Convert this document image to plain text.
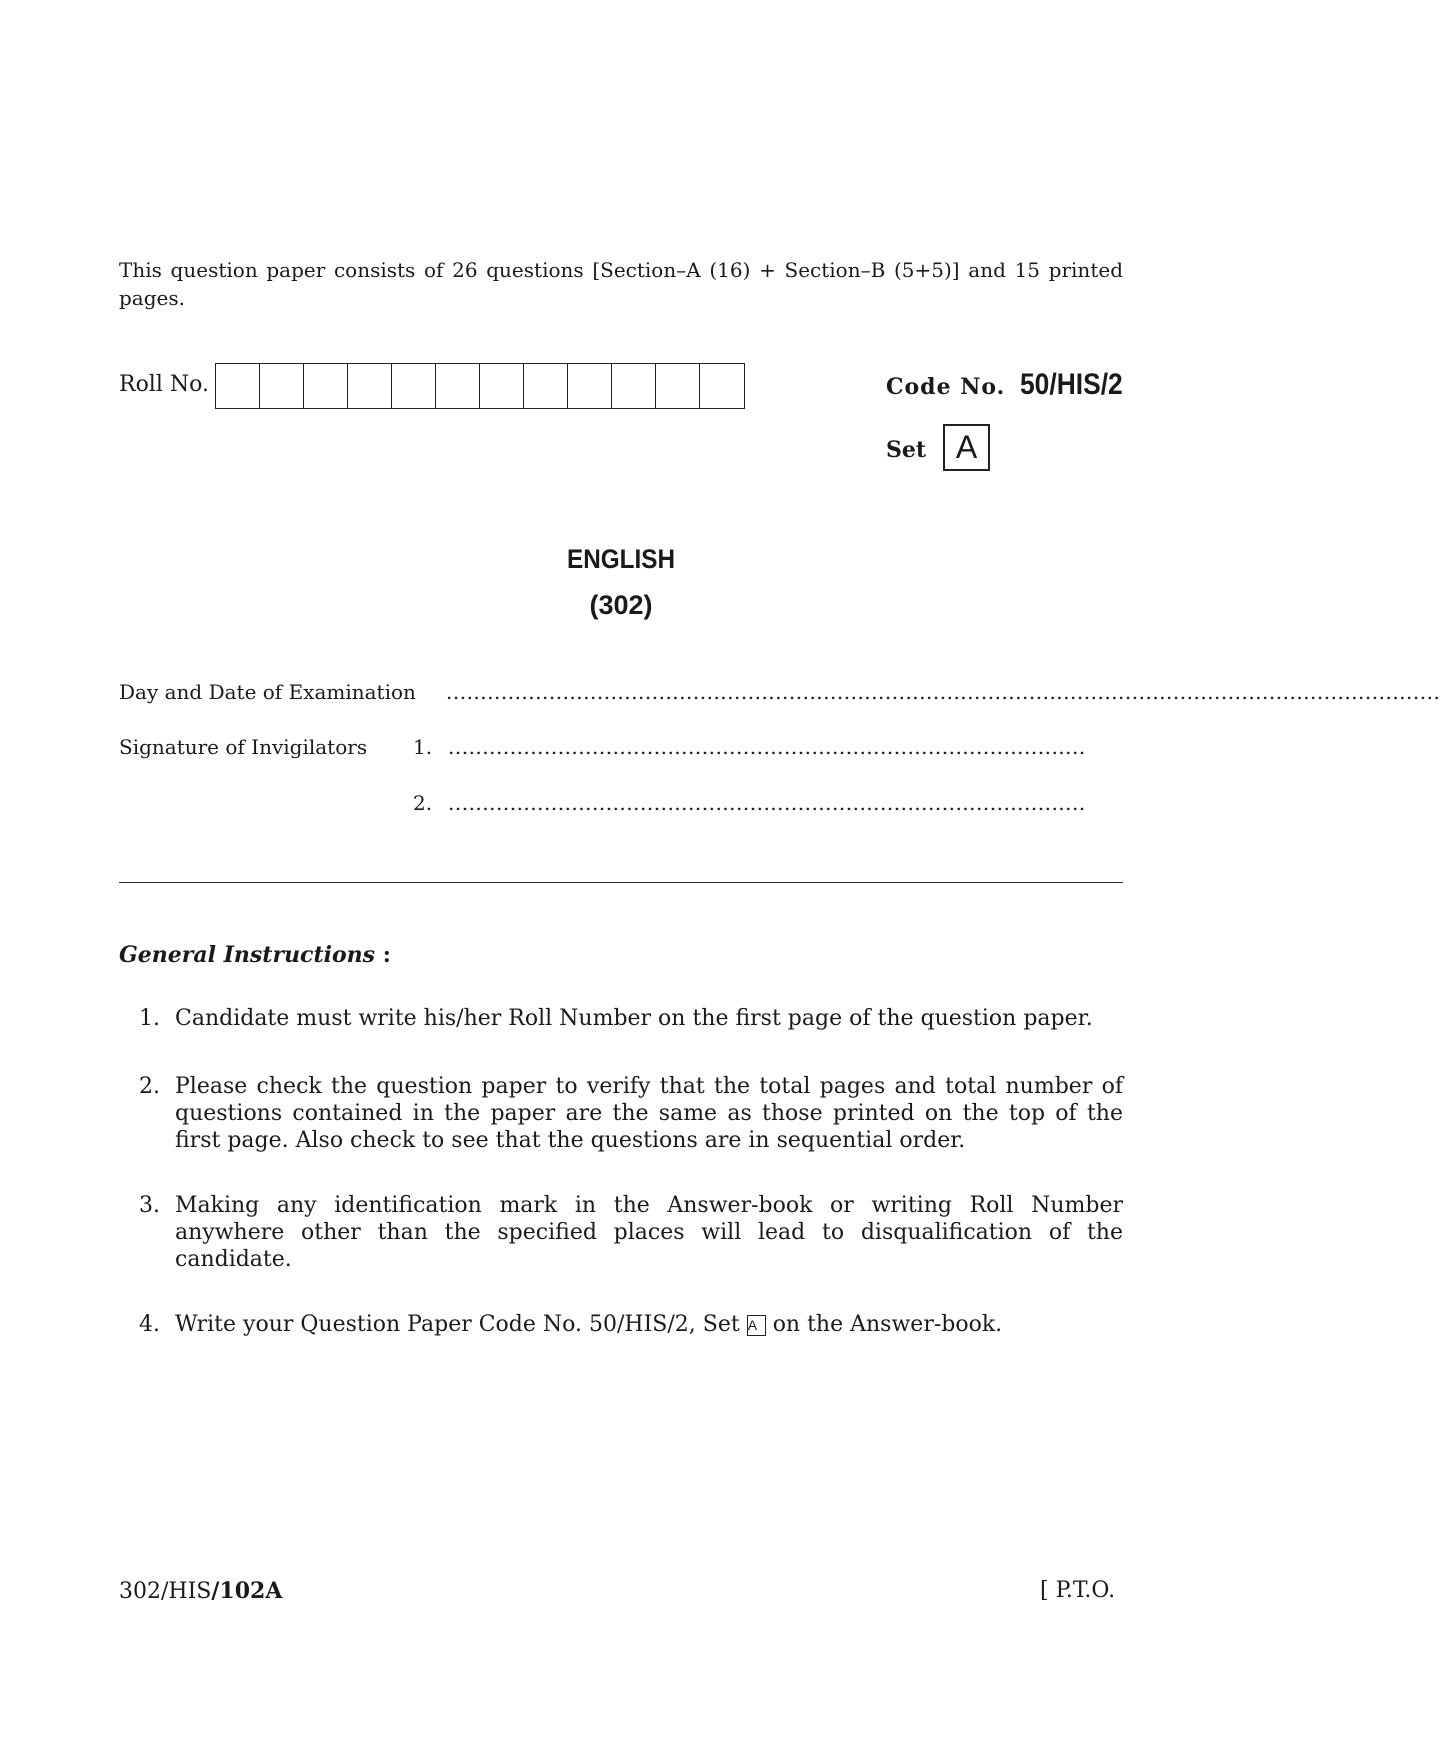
This question paper consists of 26 questions [Section–A (16) + Section–B (5+5)] and 15 printed pages.
Roll No.	Code No. 50/HIS/2
Set A
ENGLISH
(302)
Day and Date of Examination .................................................................................................................................................
Signature of Invigilators 1. .............................................................................................
2. .............................................................................................
General Instructions :
1. Candidate must write his/her Roll Number on the first page of the question paper.
2. Please check the question paper to verify that the total pages and total number of questions contained in the paper are the same as those printed on the top of the first page. Also check to see that the questions are in sequential order.
3. Making any identification mark in the Answer-book or writing Roll Number anywhere other than the specified places will lead to disqualification of the candidate.
4. Write your Question Paper Code No. 50/HIS/2, Set A on the Answer-book.
302/HIS/102A	[ P.T.O.
